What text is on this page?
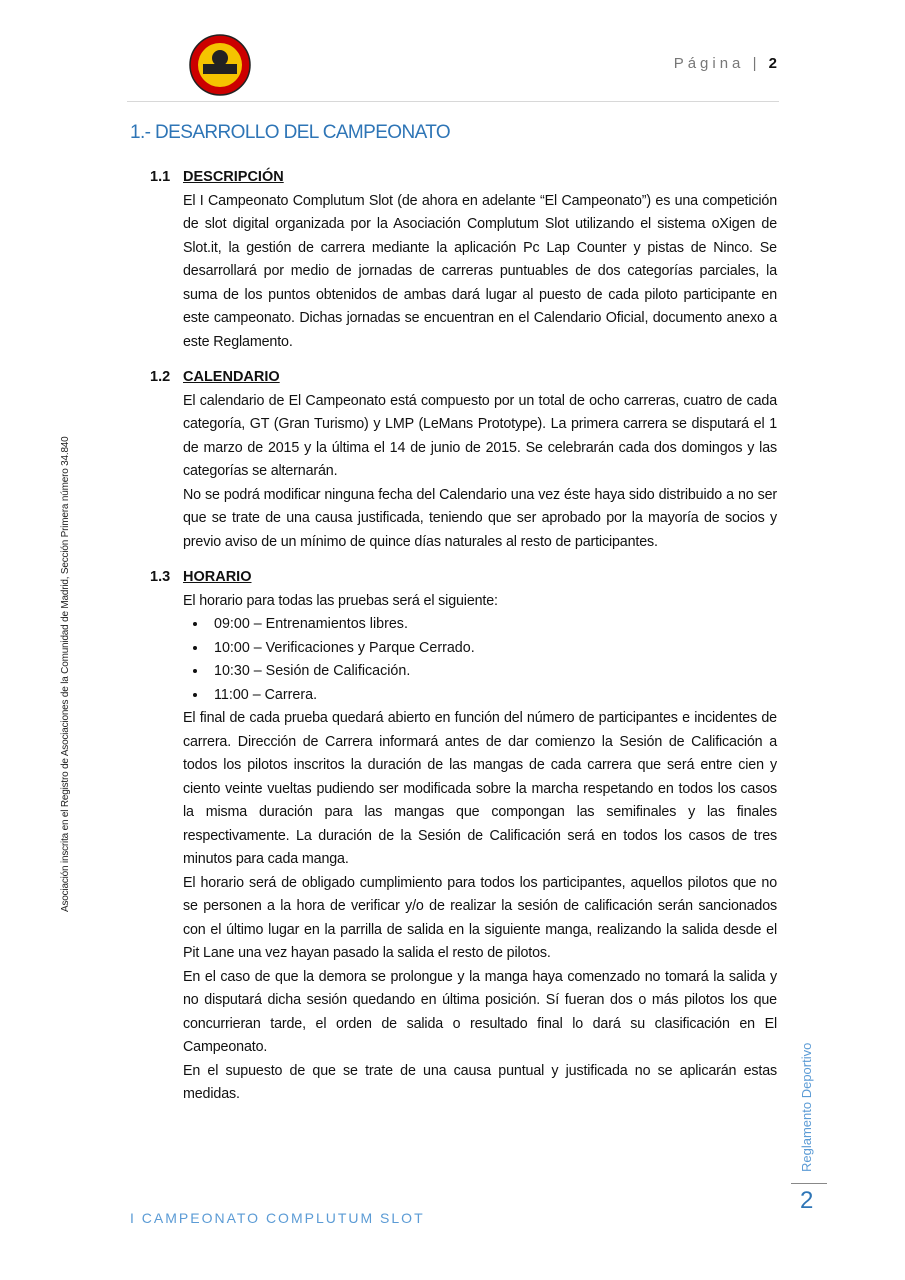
Página | 2
1.- DESARROLLO DEL CAMPEONATO
1.1 DESCRIPCIÓN
El I Campeonato Complutum Slot (de ahora en adelante “El Campeonato”) es una competición de slot digital organizada por la Asociación Complutum Slot utilizando el sistema oXigen de Slot.it, la gestión de carrera mediante la aplicación Pc Lap Counter y pistas de Ninco. Se desarrollará por medio de jornadas de carreras puntuables de dos categorías parciales, la suma de los puntos obtenidos de ambas dará lugar al puesto de cada piloto participante en este campeonato. Dichas jornadas se encuentran en el Calendario Oficial, documento anexo a este Reglamento.
1.2 CALENDARIO
El calendario de El Campeonato está compuesto por un total de ocho carreras, cuatro de cada categoría, GT (Gran Turismo) y LMP (LeMans Prototype). La primera carrera se disputará el 1 de marzo de 2015 y la última el 14 de junio de 2015. Se celebrarán cada dos domingos y las categorías se alternarán.
No se podrá modificar ninguna fecha del Calendario una vez éste haya sido distribuido a no ser que se trate de una causa justificada, teniendo que ser aprobado por la mayoría de socios y previo aviso de un mínimo de quince días naturales al resto de participantes.
1.3 HORARIO
El horario para todas las pruebas será el siguiente:
• 09:00 – Entrenamientos libres.
• 10:00 – Verificaciones y Parque Cerrado.
• 10:30 – Sesión de Calificación.
• 11:00 – Carrera.
El final de cada prueba quedará abierto en función del número de participantes e incidentes de carrera. Dirección de Carrera informará antes de dar comienzo la Sesión de Calificación a todos los pilotos inscritos la duración de las mangas de cada carrera que será entre cien y ciento veinte vueltas pudiendo ser modificada sobre la marcha respetando en todos los casos la misma duración para las mangas que compongan las semifinales y las finales respectivamente. La duración de la Sesión de Calificación será en todos los casos de tres minutos para cada manga.
El horario será de obligado cumplimiento para todos los participantes, aquellos pilotos que no se personen a la hora de verificar y/o de realizar la sesión de calificación serán sancionados con el último lugar en la parrilla de salida en la siguiente manga, realizando la salida desde el Pit Lane una vez hayan pasado la salida el resto de pilotos.
En el caso de que la demora se prolongue y la manga haya comenzado no tomará la salida y no disputará dicha sesión quedando en última posición. Sí fueran dos o más pilotos los que concurrieran tarde, el orden de salida o resultado final lo dará su clasificación en El Campeonato.
En el supuesto de que se trate de una causa puntual y justificada no se aplicarán estas medidas.
Asociación inscrita en el Registro de Asociaciones de la Comunidad de Madrid, Sección Primera número 34.840
Reglamento Deportivo
2
I CAMPEONATO COMPLUTUM SLOT
